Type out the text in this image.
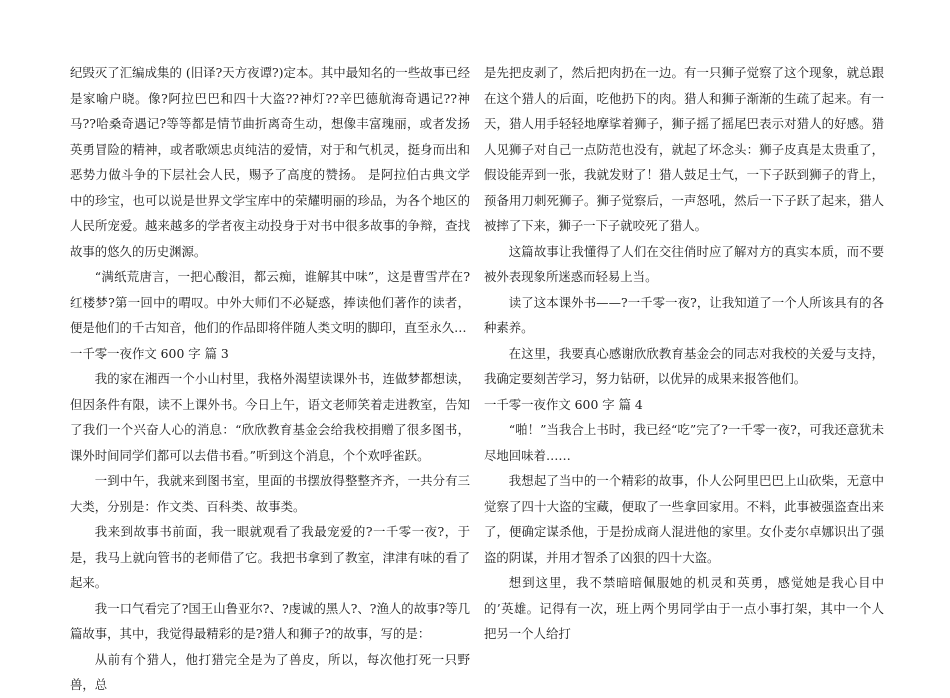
纪毁灭了汇编成集的 (旧译?天方夜谭?)定本。其中最知名的一些故事已经是家喻户晓。像?阿拉巴巴和四十大盗??神灯??辛巴德航海奇遇记??神马??哈桑奇遇记?等等都是情节曲折离奇生动，想像丰富瑰丽，或者发扬英勇冒险的精神，或者歌颂忠贞纯洁的爱情，对于和气机灵，挺身而出和恶势力做斗争的下层社会人民，赐予了高度的赞扬。 是阿拉伯古典文学中的珍宝，也可以说是世界文学宝库中的荣耀明丽的珍品，为各个地区的人民所宠爱。越来越多的学者夜主动投身于对书中很多故事的争辩，查找故事的悠久的历史渊源。

“满纸荒唐言，一把心酸泪，都云痴，谁解其中味”，这是曹雪芹在?红楼梦?第一回中的喟叹。中外大师们不必疑惑，捧读他们著作的读者，便是他们的千古知音，他们的作品即将伴随人类文明的脚印，直至永久…

一千零一夜作文 600 字 篇 3

我的家在湘西一个小山村里，我格外渴望读课外书，连做梦都想读，但因条件有限，读不上课外书。今日上午，语文老师笑着走进教室，告知了我们一个兴奋人心的消息：“欣欣教育基金会给我校捐赠了很多图书，课外时间同学们都可以去借书看。”听到这个消息，个个欢呼雀跃。

一到中午，我就来到图书室，里面的书摆放得整整齐齐，一共分有三大类，分别是：作文类、百科类、故事类。

我来到故事书前面，我一眼就观看了我最宠爱的?一千零一夜?，于是，我马上就向管书的老师借了它。我把书拿到了教室，津津有味的看了起来。

我一口气看完了?国王山鲁亚尔?、?虔诚的黑人?、?渔人的故事?等几篇故事，其中，我觉得最精彩的是?猎人和狮子?的故事，写的是：

从前有个猎人，他打猎完全是为了兽皮，所以，每次他打死一只野兽，总

是先把皮剥了，然后把肉扔在一边。有一只狮子觉察了这个现象，就总跟在这个猎人的后面，吃他扔下的肉。猎人和狮子渐渐的生疏了起来。有一天，猎人用手轻轻地摩挲着狮子，狮子摇了摇尾巴表示对猎人的好感。猎人见狮子对自己一点防范也没有，就起了坏念头：狮子皮真是太贵重了，假设能弄到一张，我就发财了！猎人鼓足士气，一下子跃到狮子的背上，预备用刀刺死狮子。狮子觉察后，一声怒吼，然后一下子跃了起来，猎人被摔了下来，狮子一下子就咬死了猎人。

这篇故事让我懂得了人们在交往俏时应了解对方的真实本质，而不要被外表现象所迷惑而轻易上当。

读了这本课外书——?一千零一夜?，让我知道了一个人所该具有的各种素养。

在这里，我要真心感谢欣欣教育基金会的同志对我校的关爱与支持，我确定要刻苦学习，努力钻研，以优异的成果来报答他们。

一千零一夜作文 600 字 篇 4

“啪！”当我合上书时，我已经“吃”完了?一千零一夜?，可我还意犹未尽地回味着……

我想起了当中的一个精彩的故事，仆人公阿里巴巴上山砍柴，无意中觉察了四十大盗的宝藏，便取了一些拿回家用。不料，此事被强盗查出来了，便确定谋杀他，于是扮成商人混进他的家里。女仆麦尔卓娜识出了强盗的阴谋，并用才智杀了凶狠的四十大盗。

想到这里，我不禁暗暗佩服她的机灵和英勇，感觉她是我心目中的’英雄。记得有一次，班上两个男同学由于一点小事打架，其中一个人把另一个人给打
